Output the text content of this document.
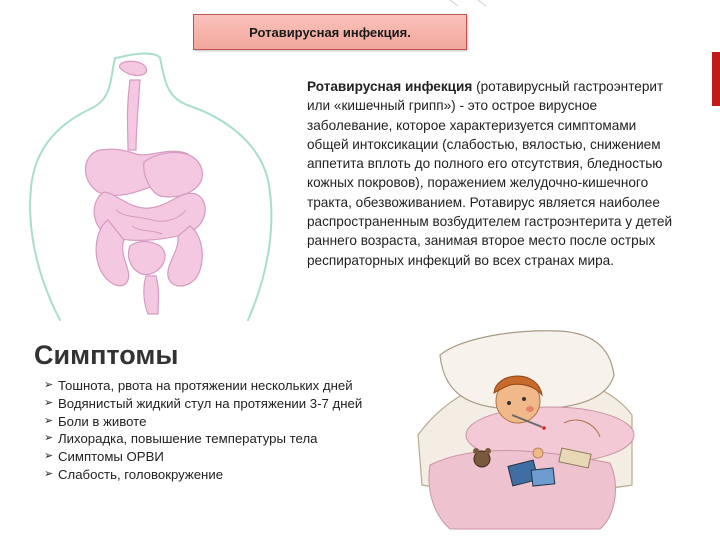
Ротавирусная инфекция.

Ротавирусная инфекция (ротавирусный гастроэнтерит или «кишечный грипп») - это острое вирусное заболевание, которое характеризуется симптомами общей интоксикации (слабостью, вялостью, снижением аппетита вплоть до полного его отсутствия, бледностью кожных покровов), поражением желудочно-кишечного тракта, обезвоживанием. Ротавирус является наиболее распространенным возбудителем гастроэнтерита у детей раннего возраста, занимая второе место после острых респираторных инфекций во всех странах мира.

Симптомы
➢ Тошнота, рвота на протяжении нескольких дней
➢ Водянистый жидкий стул на протяжении 3-7 дней
➢ Боли в животе
➢ Лихорадка, повышение температуры тела
➢ Симптомы ОРВИ
➢ Слабость, головокружение
